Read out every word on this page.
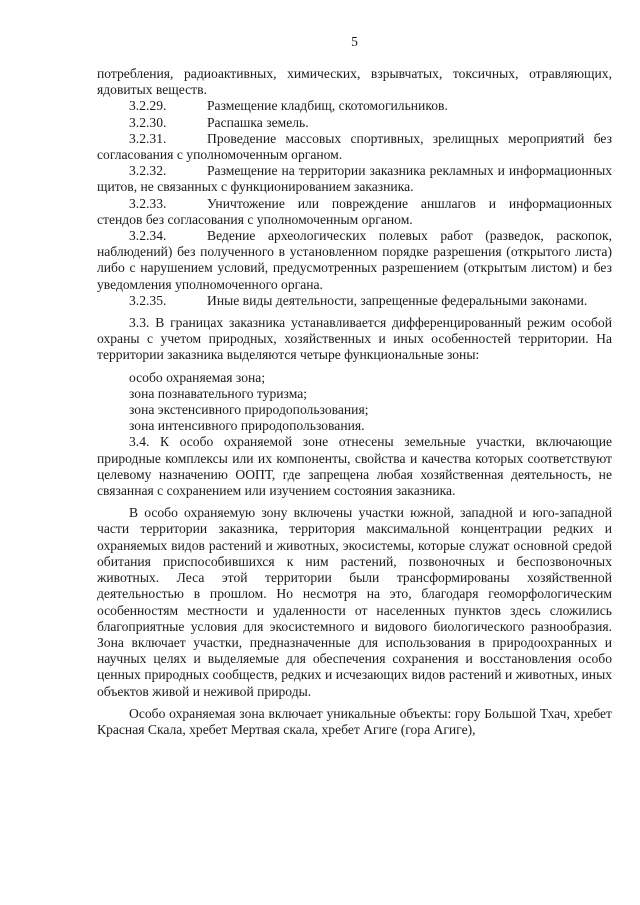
5

потребления, радиоактивных, химических, взрывчатых, токсичных, отравляющих, ядовитых веществ.

3.2.29.	Размещение кладбищ, скотомогильников.

3.2.30.	Распашка земель.

3.2.31.	Проведение массовых спортивных, зрелищных мероприятий без согласования с уполномоченным органом.

3.2.32.	Размещение на территории заказника рекламных и информационных щитов, не связанных с функционированием заказника.

3.2.33.	Уничтожение или повреждение аншлагов и информационных стендов без согласования с уполномоченным органом.

3.2.34.	Ведение археологических полевых работ (разведок, раскопок, наблюдений) без полученного в установленном порядке разрешения (открытого листа) либо с нарушением условий, предусмотренных разрешением (открытым листом) и без уведомления уполномоченного органа.

3.2.35.	Иные виды деятельности, запрещенные федеральными законами.

3.3. В границах заказника устанавливается дифференцированный режим особой охраны с учетом природных, хозяйственных и иных особенностей территории. На территории заказника выделяются четыре функциональные зоны:

особо охраняемая зона;

зона познавательного туризма;

зона экстенсивного природопользования;

зона интенсивного природопользования.

3.4. К особо охраняемой зоне отнесены земельные участки, включающие природные комплексы или их компоненты, свойства и качества которых соответствуют целевому назначению ООПТ, где запрещена любая хозяйственная деятельность, не связанная с сохранением или изучением состояния заказника.

В особо охраняемую зону включены участки южной, западной и юго-западной части территории заказника, территория максимальной концентрации редких и охраняемых видов растений и животных, экосистемы, которые служат основной средой обитания приспособившихся к ним растений, позвоночных и беспозвоночных животных. Леса этой территории были трансформированы хозяйственной деятельностью в прошлом. Но несмотря на это, благодаря геоморфологическим особенностям местности и удаленности от населенных пунктов здесь сложились благоприятные условия для экосистемного и видового биологического разнообразия. Зона включает участки, предназначенные для использования в природоохранных и научных целях и выделяемые для обеспечения сохранения и восстановления особо ценных природных сообществ, редких и исчезающих видов растений и животных, иных объектов живой и неживой природы.

Особо охраняемая зона включает уникальные объекты: гору Большой Тхач, хребет Красная Скала, хребет Мертвая скала, хребет Агиге (гора Агиге),
